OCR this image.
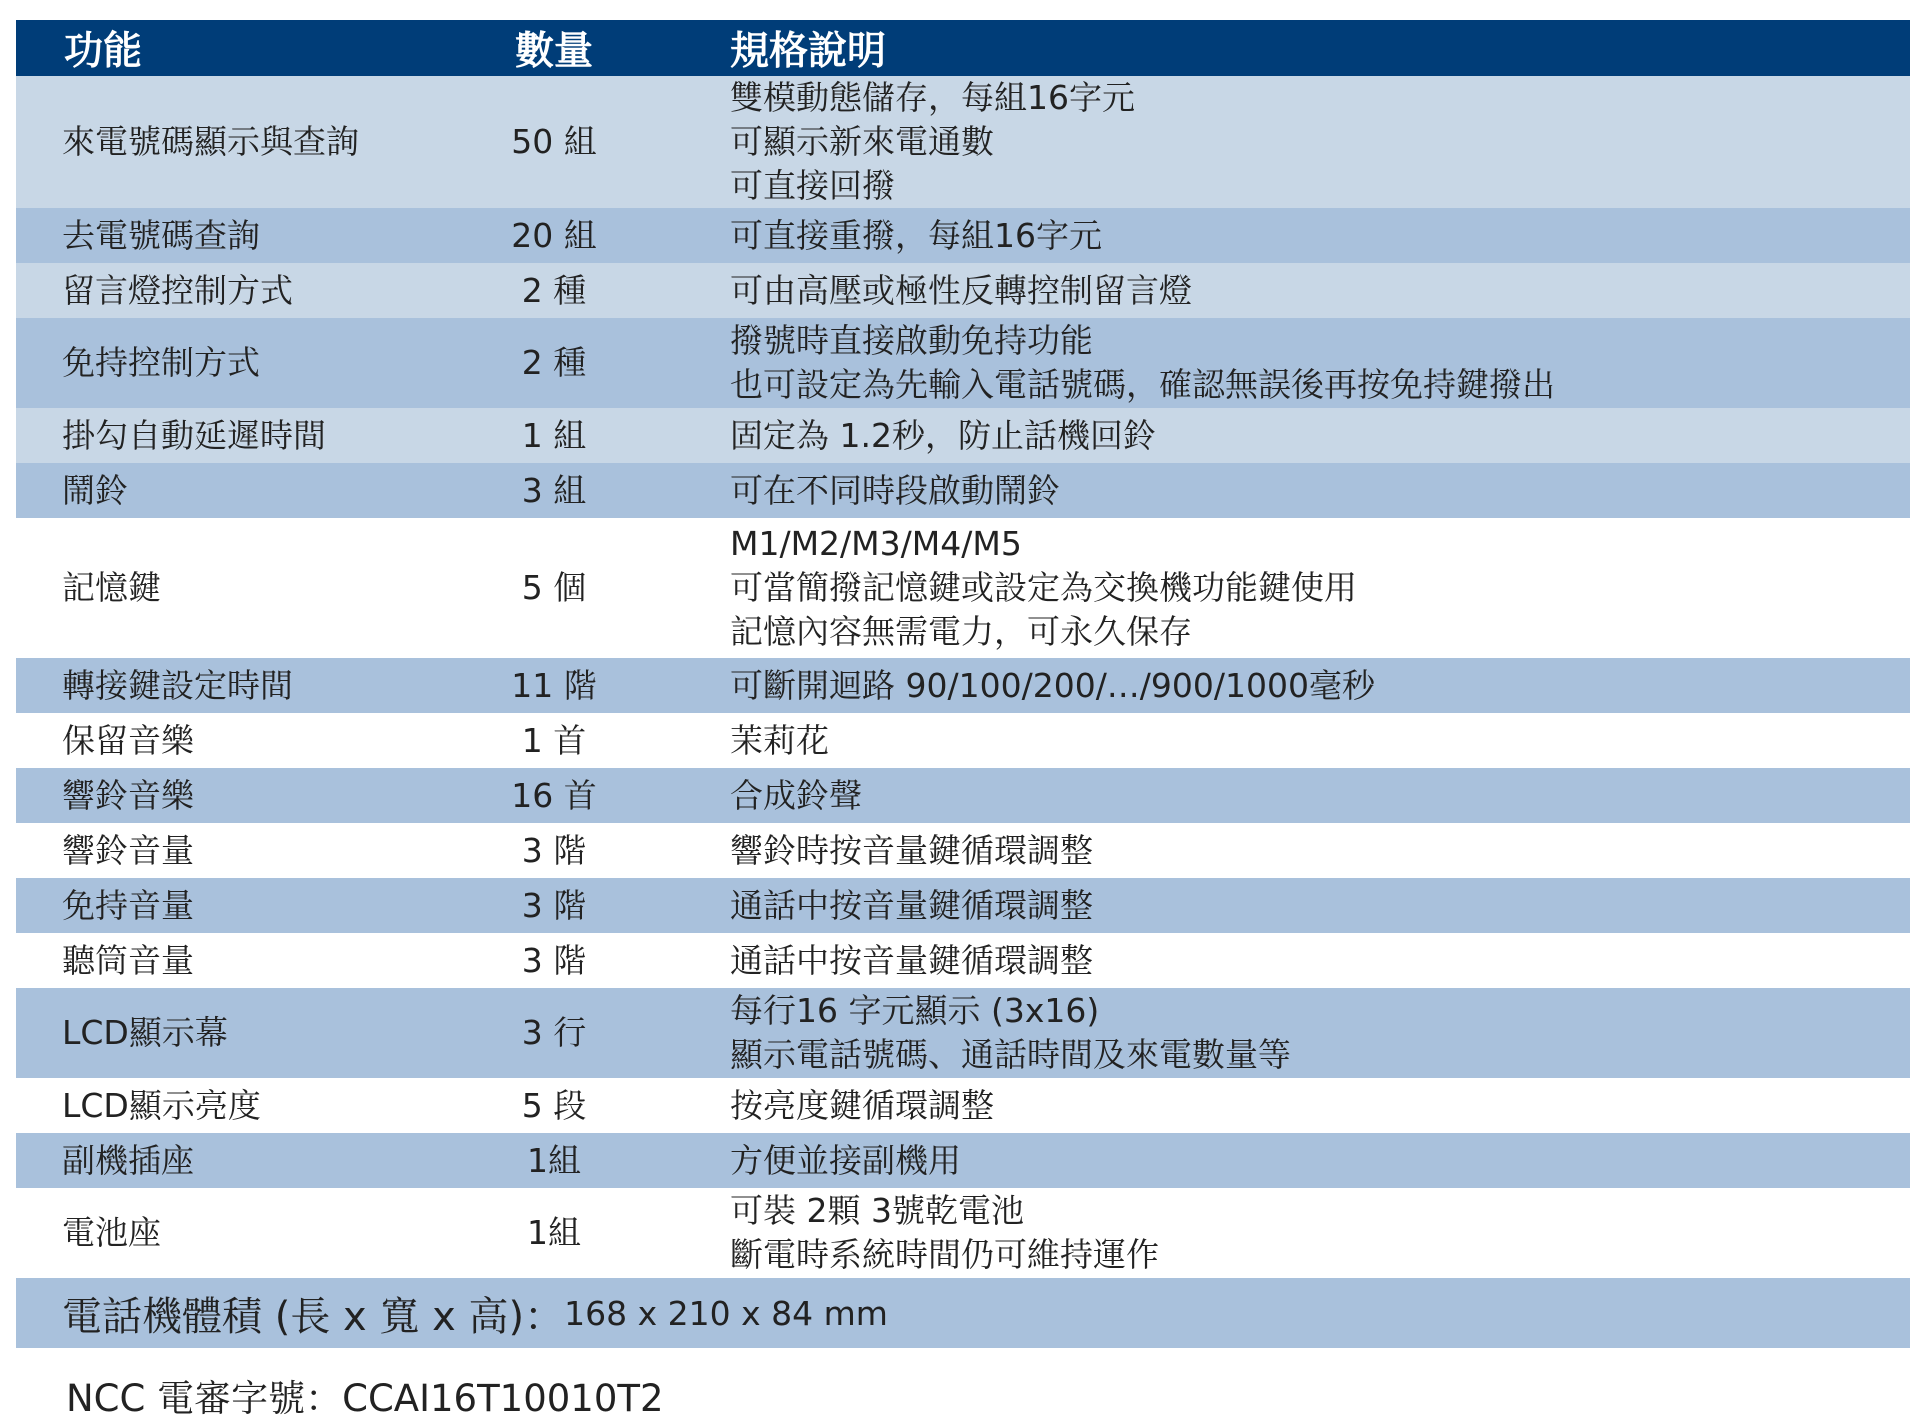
功能	數量	規格說明
來電號碼顯示與查詢	50 組	雙模動態儲存，每組16字元
可顯示新來電通數
可直接回撥

去電號碼查詢	20 組	可直接重撥，每組16字元

留言燈控制方式	2 種	可由高壓或極性反轉控制留言燈

免持控制方式	2 種	撥號時直接啟動免持功能
也可設定為先輸入電話號碼，確認無誤後再按免持鍵撥出

掛勾自動延遲時間	1 組	固定為 1.2秒，防止話機回鈴

鬧鈴	3 組	可在不同時段啟動鬧鈴

記憶鍵	5 個	M1/M2/M3/M4/M5
可當簡撥記憶鍵或設定為交換機功能鍵使用
記憶內容無需電力，可永久保存

轉接鍵設定時間	11 階	可斷開迴路 90/100/200/…/900/1000毫秒

保留音樂	1 首	茉莉花

響鈴音樂	16 首	合成鈴聲

響鈴音量	3 階	響鈴時按音量鍵循環調整

免持音量	3 階	通話中按音量鍵循環調整

聽筒音量	3 階	通話中按音量鍵循環調整

LCD顯示幕	3 行	每行16 字元顯示 (3x16)
顯示電話號碼、通話時間及來電數量等

LCD顯示亮度	5 段	按亮度鍵循環調整

副機插座	1組	方便並接副機用

電池座	1組	可裝 2顆 3號乾電池
斷電時系統時間仍可維持運作
電話機體積 (長 x 寬 x 高)： 168 x 210 x 84 mm
NCC 電審字號：CCAI16T10010T2
